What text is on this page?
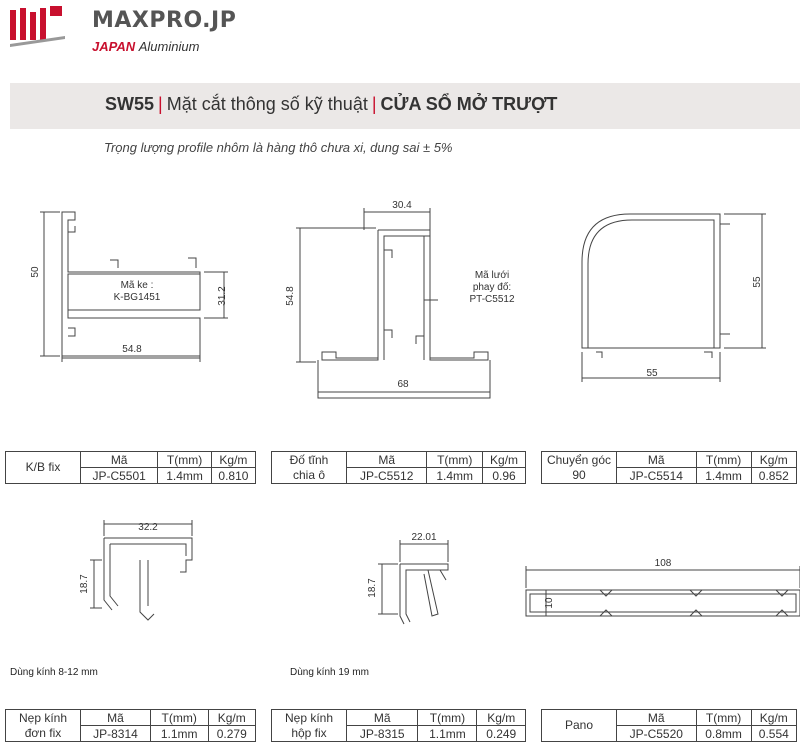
MAXPRO.JP
JAPAN Aluminium
SW55 | Mặt cắt thông số kỹ thuật | CỬA SỔ MỞ TRƯỢT
Trọng lượng profile nhôm là hàng thô chưa xi, dung sai ± 5%
50
54.8
31.2
Mã ke :
K-BG1451
30.4
54.8
68
Mã lưới
phay đố:
PT-C5512
55
55
32.2
18.7
22.01
18.7
108
10
Dùng kính 8-12 mm	Dùng kính 19 mm
K/B fix	Mã	T(mm)	Kg/m
	JP-C5501	1.4mm	0.810
Đố tĩnh
chia ô	Mã	T(mm)	Kg/m
	JP-C5512	1.4mm	0.96
Chuyển góc
90	Mã	T(mm)	Kg/m
	JP-C5514	1.4mm	0.852
Nẹp kính
đơn fix	Mã	T(mm)	Kg/m
	JP-8314	1.1mm	0.279
Nẹp kính
hộp fix	Mã	T(mm)	Kg/m
	JP-8315	1.1mm	0.249
Pano	Mã	T(mm)	Kg/m
	JP-C5520	0.8mm	0.554
